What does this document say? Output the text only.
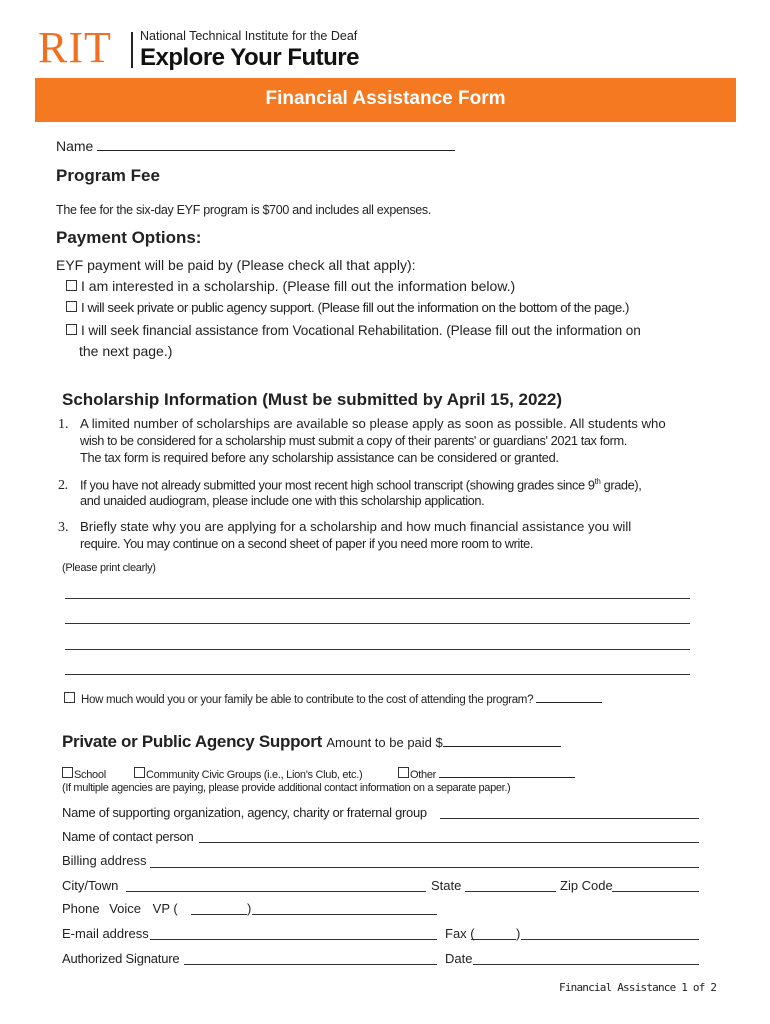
RIT National Technical Institute for the Deaf
Explore Your Future
Financial Assistance Form
Name
Program Fee
The fee for the six-day EYF program is $700 and includes all expenses.
Payment Options:
EYF payment will be paid by (Please check all that apply):
I am interested in a scholarship. (Please fill out the information below.)
I will seek private or public agency support. (Please fill out the information on the bottom of the page.)
I will seek financial assistance from Vocational Rehabilitation. (Please fill out the information on
the next page.)
Scholarship Information (Must be submitted by April 15, 2022)
1. A limited number of scholarships are available so please apply as soon as possible. All students who
wish to be considered for a scholarship must submit a copy of their parents' or guardians' 2021 tax form.
The tax form is required before any scholarship assistance can be considered or granted.
2. If you have not already submitted your most recent high school transcript (showing grades since 9th grade),
and unaided audiogram, please include one with this scholarship application.
3. Briefly state why you are applying for a scholarship and how much financial assistance you will
require. You may continue on a second sheet of paper if you need more room to write.
(Please print clearly)
How much would you or your family be able to contribute to the cost of attending the program?
Private or Public Agency Support Amount to be paid $
School	Community Civic Groups (i.e., Lion's Club, etc.)	Other
(If multiple agencies are paying, please provide additional contact information on a separate paper.)
Name of supporting organization, agency, charity or fraternal group
Name of contact person
Billing address
City/Town	State	Zip Code
Phone Voice VP (	)
E-mail address	Fax (	)
Authorized Signature	Date
Financial Assistance 1 of 2
